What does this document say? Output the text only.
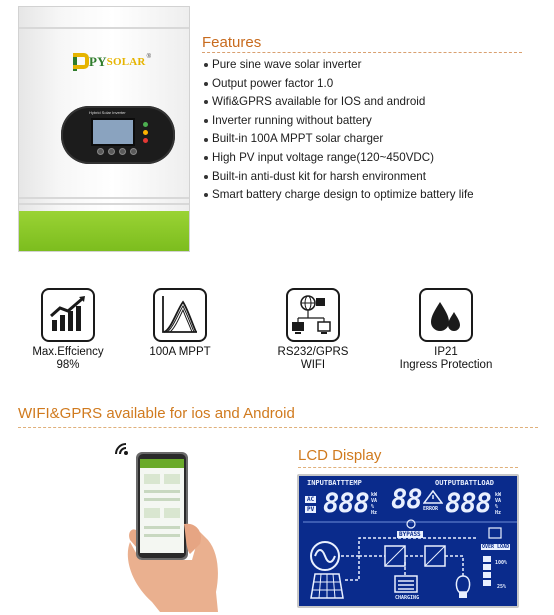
PY SOLAR ®
Hybrid Solar Inverter
Features
Pure sine wave solar inverter
Output power factor 1.0
Wifi&GPRS available for IOS and android
Inverter running without battery
Built-in 100A MPPT solar charger
High PV input voltage range(120~450VDC)
Built-in anti-dust kit for harsh environment
Smart battery charge design to optimize battery life
Max.Effciency
98%
100A MPPT	RS232/GPRS
WIFI
IP21
Ingress Protection
WIFI&GPRS available for ios and Android
LCD Display
INPUTBATTTEMP	OUTPUTBATTLOAD
AC
PV 888 kW VA % Hz 88 ERROR 888 kW VA % Hz
BYPASS
OVER LOAD
100%
25%
CHARGING
